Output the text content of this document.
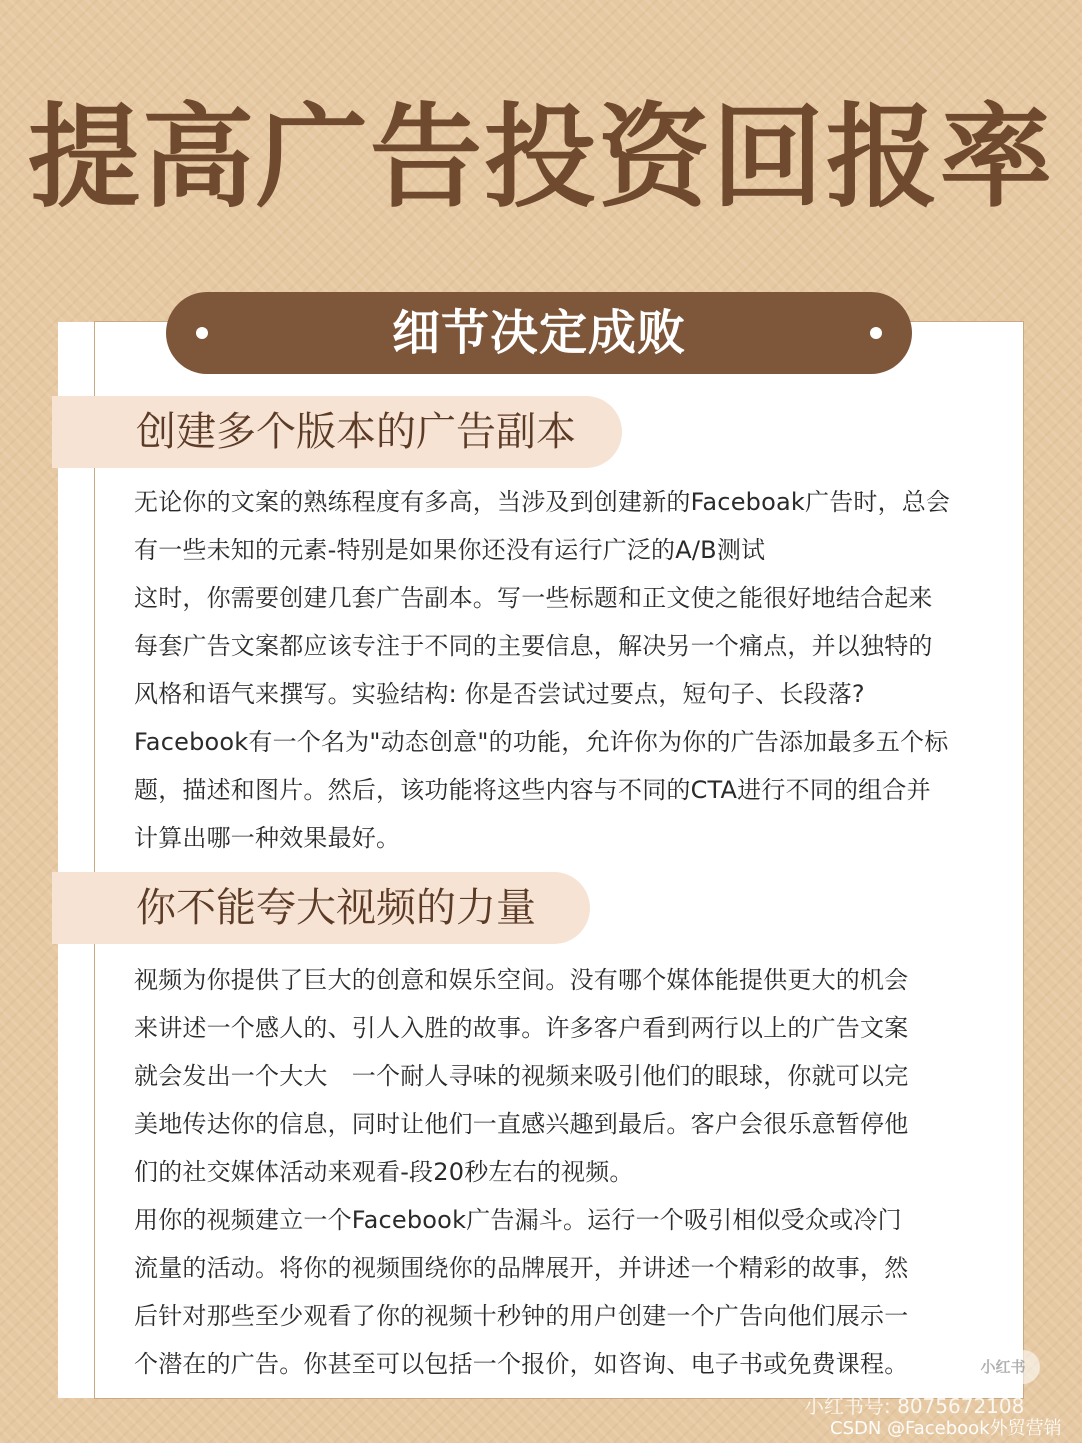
提高广告投资回报率
细节决定成败
创建多个版本的广告副本

无论你的文案的熟练程度有多高，当涉及到创建新的Faceboak广告时，总会

有一些未知的元素-特别是如果你还没有运行广泛的A/B测试

这时，你需要创建几套广告副本。写一些标题和正文使之能很好地结合起来

每套广告文案都应该专注于不同的主要信息，解决另一个痛点，并以独特的

风格和语气来撰写。实验结构: 你是否尝试过要点，短句子、长段落?

Facebook有一个名为"动态创意"的功能，允许你为你的广告添加最多五个标

题，描述和图片。然后，该功能将这些内容与不同的CTA进行不同的组合并

计算出哪一种效果最好。

你不能夸大视频的力量

视频为你提供了巨大的创意和娱乐空间。没有哪个媒体能提供更大的机会

来讲述一个感人的、引人入胜的故事。许多客户看到两行以上的广告文案

就会发出一个大大　一个耐人寻味的视频来吸引他们的眼球，你就可以完

美地传达你的信息，同时让他们一直感兴趣到最后。客户会很乐意暂停他

们的社交媒体活动来观看-段20秒左右的视频。

用你的视频建立一个Facebook广告漏斗。运行一个吸引相似受众或冷门

流量的活动。将你的视频围绕你的品牌展开，并讲述一个精彩的故事，然

后针对那些至少观看了你的视频十秒钟的用户创建一个广告向他们展示一

个潜在的广告。你甚至可以包括一个报价，如咨询、电子书或免费课程。	小红书
小红书号: 8075672108
CSDN @Facebook外贸营销
